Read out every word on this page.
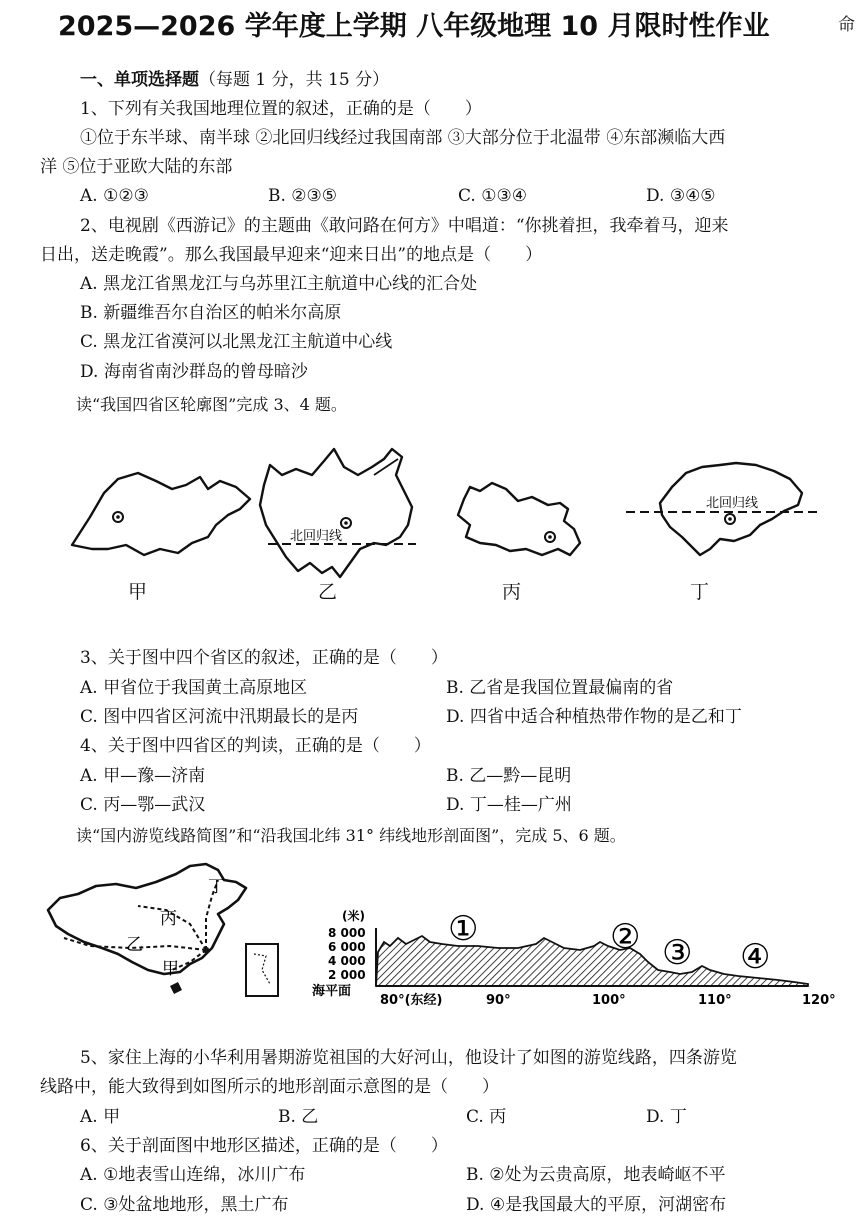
2025—2026 学年度上学期 八年级地理 10 月限时性作业	命
一、单项选择题（每题 1 分，共 15 分）
1、下列有关我国地理位置的叙述，正确的是（　　）
①位于东半球、南半球 ②北回归线经过我国南部 ③大部分位于北温带 ④东部濒临大西
洋 ⑤位于亚欧大陆的东部
A. ①②③	B. ②③⑤	C. ①③④	D. ③④⑤
2、电视剧《西游记》的主题曲《敢问路在何方》中唱道：“你挑着担，我牵着马，迎来
日出，送走晚霞”。那么我国最早迎来“迎来日出”的地点是（　　）
A. 黑龙江省黑龙江与乌苏里江主航道中心线的汇合处
B. 新疆维吾尔自治区的帕米尔高原
C. 黑龙江省漠河以北黑龙江主航道中心线
D. 海南省南沙群岛的曾母暗沙
读“我国四省区轮廓图”完成 3、4 题。
北回归线
北回归线
甲	乙	丙	丁
3、关于图中四个省区的叙述，正确的是（　　）
A. 甲省位于我国黄土高原地区	B. 乙省是我国位置最偏南的省
C. 图中四省区河流中汛期最长的是丙	D. 四省中适合种植热带作物的是乙和丁
4、关于图中四省区的判读，正确的是（　　）
A. 甲—豫—济南	B. 乙—黔—昆明
C. 丙—鄂—武汉	D. 丁—桂—广州
读“国内游览线路简图”和“沿我国北纬 31° 纬线地形剖面图”，完成 5、6 题。
丁
丙
乙
甲
(米)
8 000
6 000
4 000
2 000
海平面
80°(东经)	90°	100°	110°	120°
①	② ③ ④
5、家住上海的小华利用暑期游览祖国的大好河山，他设计了如图的游览线路，四条游览
线路中，能大致得到如图所示的地形剖面示意图的是（　　）
A. 甲	B. 乙	C. 丙	D. 丁
6、关于剖面图中地形区描述，正确的是（　　）
A. ①地表雪山连绵，冰川广布	B. ②处为云贵高原，地表崎岖不平
C. ③处盆地地形，黑土广布	D. ④是我国最大的平原，河湖密布
